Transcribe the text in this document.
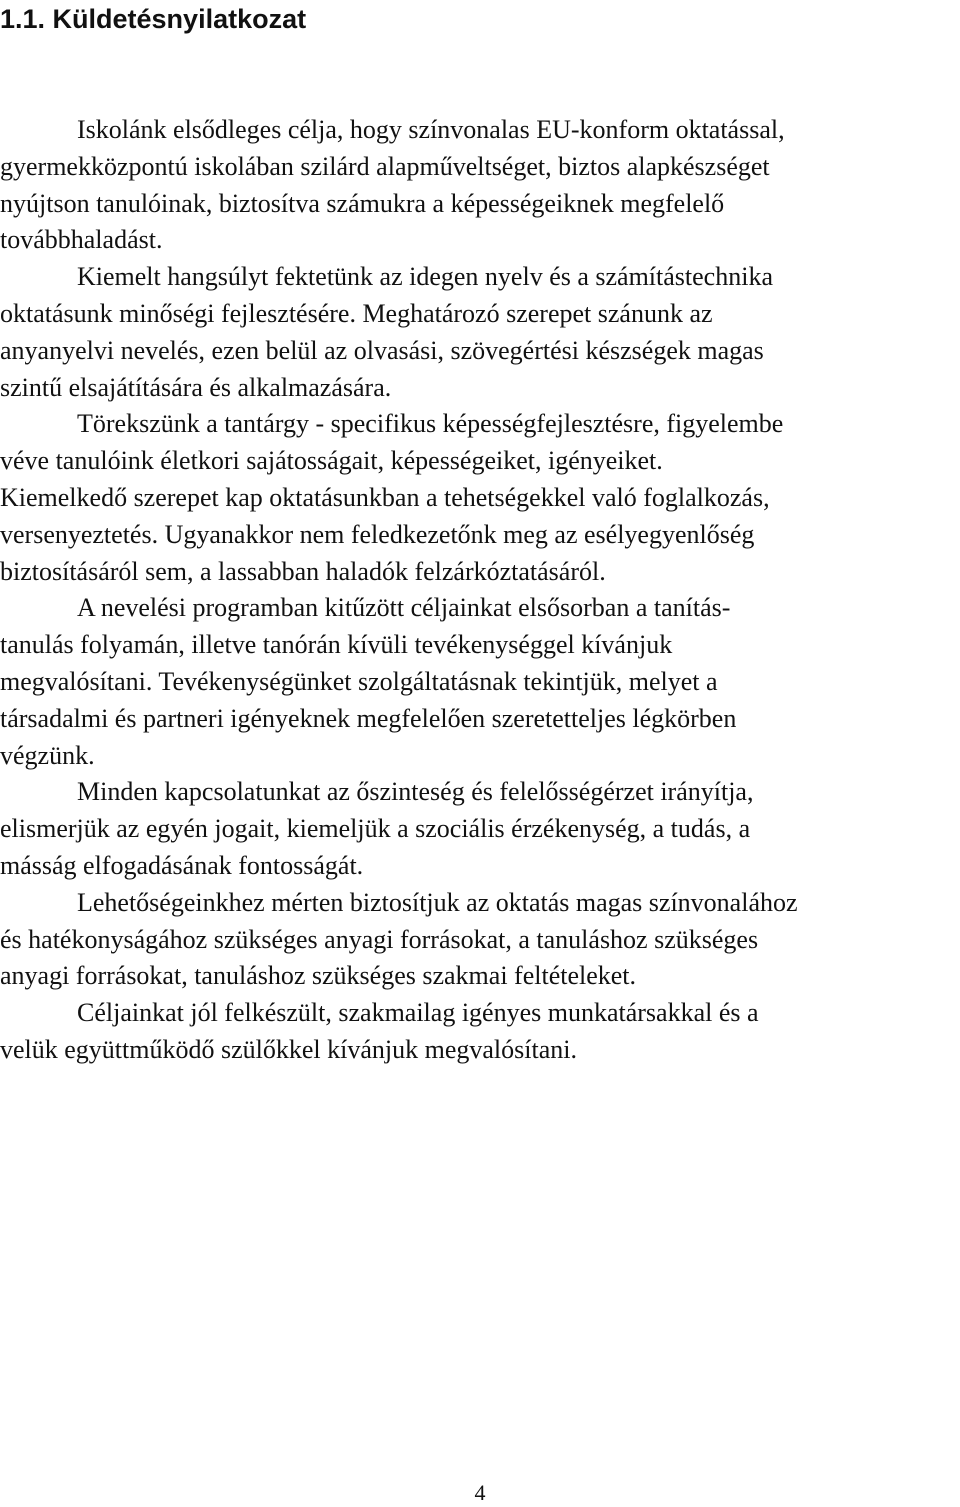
1.1. Küldetésnyilatkozat
Iskolánk elsődleges célja, hogy színvonalas EU-konform oktatással,
gyermekközpontú iskolában szilárd alapműveltséget, biztos alapkészséget
nyújtson tanulóinak, biztosítva számukra a képességeiknek megfelelő
továbbhaladást.
Kiemelt hangsúlyt fektetünk az idegen nyelv és a számítástechnika
oktatásunk minőségi fejlesztésére. Meghatározó szerepet szánunk az
anyanyelvi nevelés, ezen belül az olvasási, szövegértési készségek magas
szintű elsajátítására és alkalmazására.
Törekszünk a tantárgy - specifikus képességfejlesztésre, figyelembe
véve tanulóink életkori sajátosságait, képességeiket, igényeiket.
Kiemelkedő szerepet kap oktatásunkban a tehetségekkel való foglalkozás,
versenyeztetés. Ugyanakkor nem feledkezetőnk meg az esélyegyenlőség
biztosításáról sem, a lassabban haladók felzárkóztatásáról.
A nevelési programban kitűzött céljainkat elsősorban a tanítás-
tanulás folyamán, illetve tanórán kívüli tevékenységgel kívánjuk
megvalósítani. Tevékenységünket szolgáltatásnak tekintjük, melyet a
társadalmi és partneri igényeknek megfelelően szeretetteljes légkörben
végzünk.
Minden kapcsolatunkat az őszinteség és felelősségérzet irányítja,
elismerjük az egyén jogait, kiemeljük a szociális érzékenység, a tudás, a
másság elfogadásának fontosságát.
Lehetőségeinkhez mérten biztosítjuk az oktatás magas színvonalához
és hatékonyságához szükséges anyagi forrásokat, a tanuláshoz szükséges
anyagi forrásokat, tanuláshoz szükséges szakmai feltételeket.
Céljainkat jól felkészült, szakmailag igényes munkatársakkal és a
velük együttműködő szülőkkel kívánjuk megvalósítani.
4
